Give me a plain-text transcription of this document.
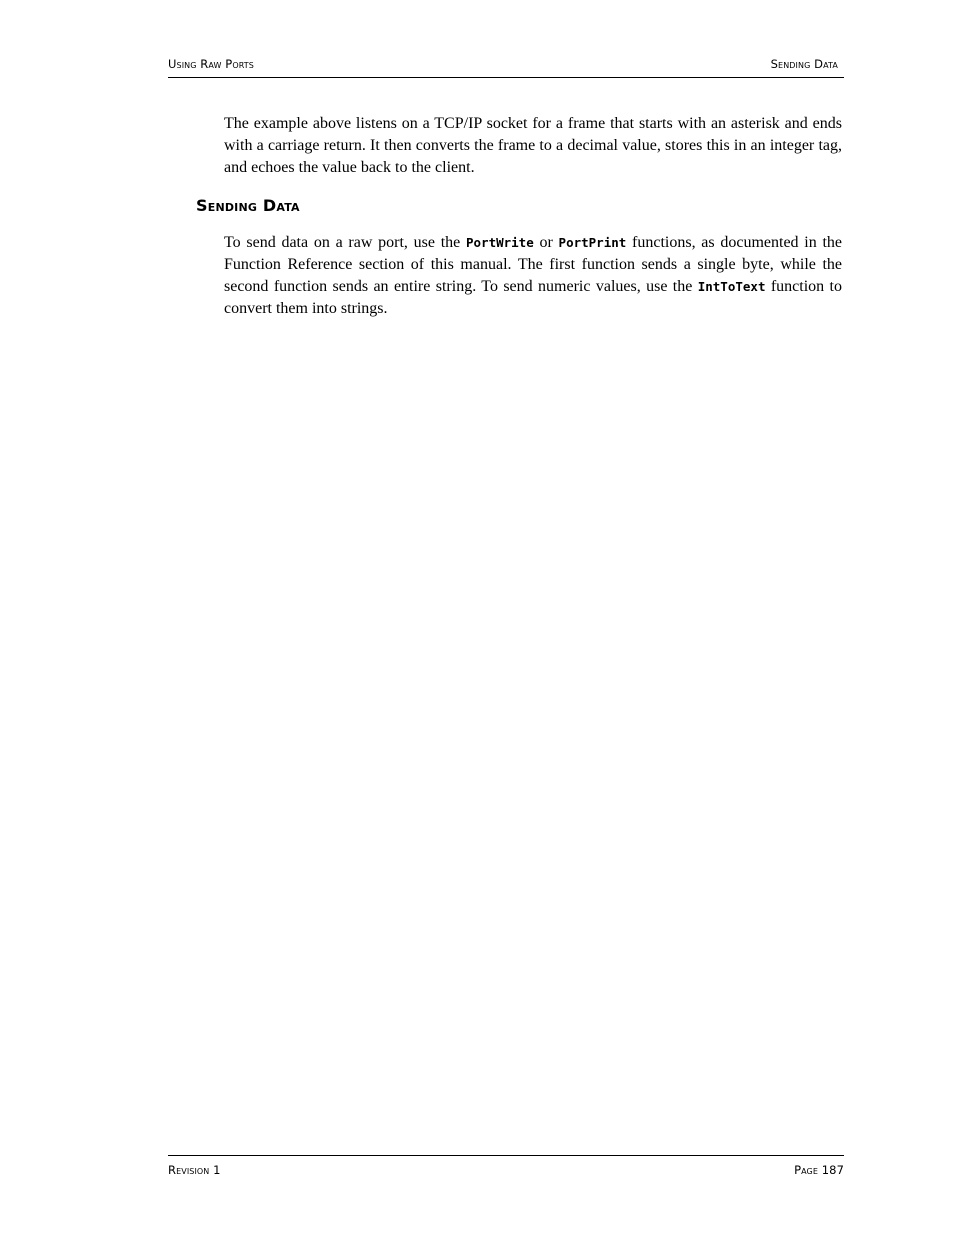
Using Raw Ports	Sending Data

The example above listens on a TCP/IP socket for a frame that starts with an asterisk and ends with a carriage return. It then converts the frame to a decimal value, stores this in an integer tag, and echoes the value back to the client.

Sending Data

To send data on a raw port, use the PortWrite or PortPrint functions, as documented in the Function Reference section of this manual. The first function sends a single byte, while the second function sends an entire string. To send numeric values, use the IntToText function to convert them into strings.

Revision 1	Page 187
